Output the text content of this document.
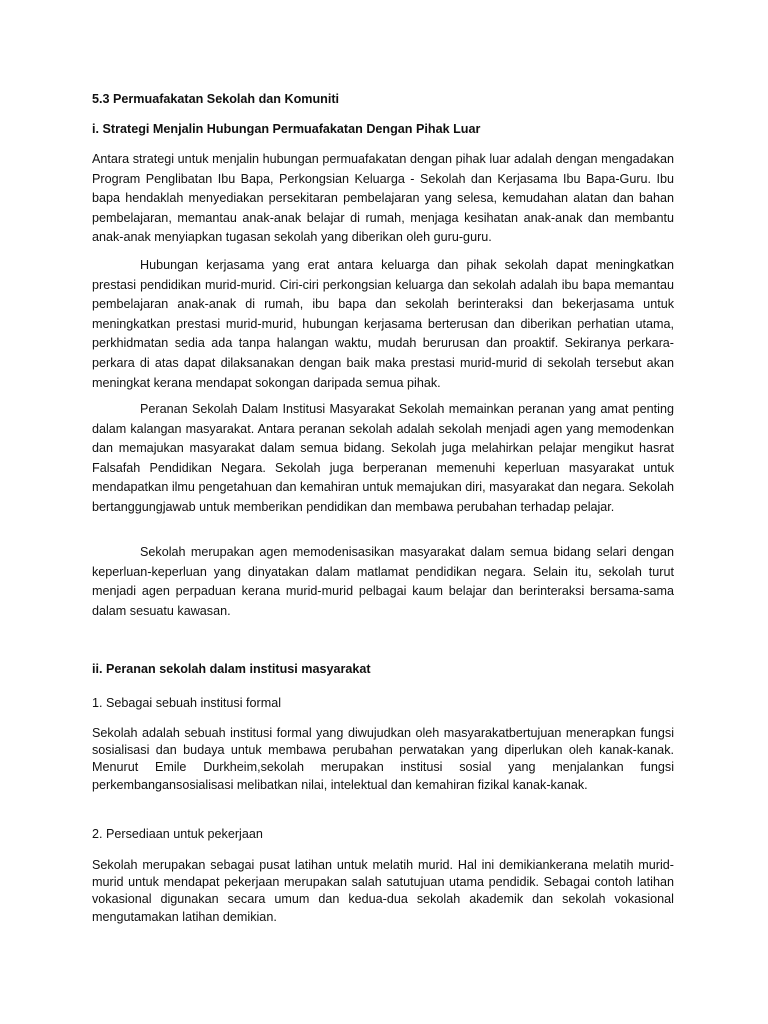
5.3 Permuafakatan Sekolah dan Komuniti

i. Strategi Menjalin Hubungan Permuafakatan Dengan Pihak Luar

Antara strategi untuk menjalin hubungan permuafakatan dengan pihak luar adalah dengan mengadakan Program Penglibatan Ibu Bapa, Perkongsian Keluarga - Sekolah dan Kerjasama Ibu Bapa-Guru. Ibu bapa hendaklah menyediakan persekitaran pembelajaran yang selesa, kemudahan alatan dan bahan pembelajaran, memantau anak-anak belajar di rumah, menjaga kesihatan anak-anak dan membantu anak-anak menyiapkan tugasan sekolah yang diberikan oleh guru-guru.

Hubungan kerjasama yang erat antara keluarga dan pihak sekolah dapat meningkatkan prestasi pendidikan murid-murid. Ciri-ciri perkongsian keluarga dan sekolah adalah ibu bapa memantau pembelajaran anak-anak di rumah, ibu bapa dan sekolah berinteraksi dan bekerjasama untuk meningkatkan prestasi murid-murid, hubungan kerjasama berterusan dan diberikan perhatian utama, perkhidmatan sedia ada tanpa halangan waktu, mudah berurusan dan proaktif. Sekiranya perkara-perkara di atas dapat dilaksanakan dengan baik maka prestasi murid-murid di sekolah tersebut akan meningkat kerana mendapat sokongan daripada semua pihak.

Peranan Sekolah Dalam Institusi Masyarakat Sekolah memainkan peranan yang amat penting dalam kalangan masyarakat. Antara peranan sekolah adalah sekolah menjadi agen yang memodenkan dan memajukan masyarakat dalam semua bidang. Sekolah juga melahirkan pelajar mengikut hasrat Falsafah Pendidikan Negara. Sekolah juga berperanan memenuhi keperluan masyarakat untuk mendapatkan ilmu pengetahuan dan kemahiran untuk memajukan diri, masyarakat dan negara. Sekolah bertanggungjawab untuk memberikan pendidikan dan membawa perubahan terhadap pelajar.

Sekolah merupakan agen memodenisasikan masyarakat dalam semua bidang selari dengan keperluan-keperluan yang dinyatakan dalam matlamat pendidikan negara. Selain itu, sekolah turut menjadi agen perpaduan kerana murid-murid pelbagai kaum belajar dan berinteraksi bersama-sama dalam sesuatu kawasan.

ii. Peranan sekolah dalam institusi masyarakat

1. Sebagai sebuah institusi formal

Sekolah adalah sebuah institusi formal yang diwujudkan oleh masyarakatbertujuan menerapkan fungsi sosialisasi dan budaya untuk membawa perubahan perwatakan yang diperlukan oleh kanak-kanak. Menurut Emile Durkheim,sekolah merupakan institusi sosial yang menjalankan fungsi perkembangansosialisasi melibatkan nilai, intelektual dan kemahiran fizikal kanak-kanak.

2. Persediaan untuk pekerjaan

Sekolah merupakan sebagai pusat latihan untuk melatih murid. Hal ini demikiankerana melatih murid-murid untuk mendapat pekerjaan merupakan salah satutujuan utama pendidik. Sebagai contoh latihan vokasional digunakan secara umum dan kedua-dua sekolah akademik dan sekolah vokasional mengutamakan latihan demikian.
